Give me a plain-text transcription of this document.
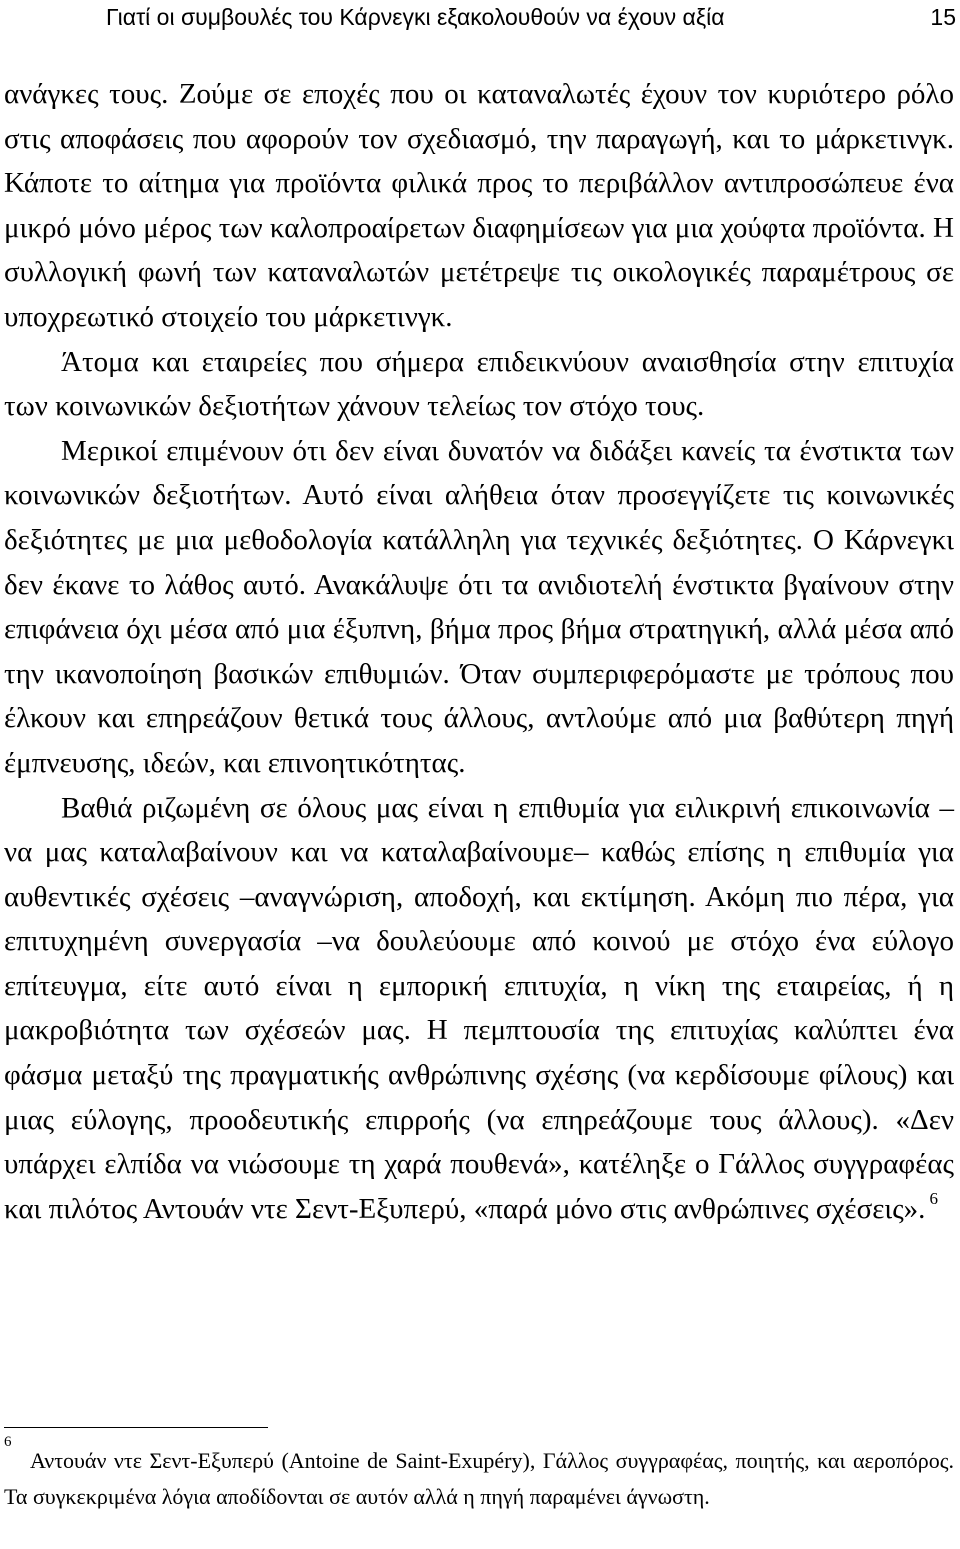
Γιατί οι συμβουλές του Κάρνεγκι εξακολουθούν να έχουν αξία	15

ανάγκες τους. Ζούμε σε εποχές που οι καταναλωτές έχουν τον κυριότερο ρόλο στις αποφάσεις που αφορούν τον σχεδιασμό, την παραγωγή, και το μάρκετινγκ. Κάποτε το αίτημα για προϊόντα φιλικά προς το περιβάλλον αντιπροσώπευε ένα μικρό μόνο μέρος των καλοπροαίρετων διαφημίσεων για μια χούφτα προϊόντα. Η συλλογική φωνή των καταναλωτών μετέτρεψε τις οικολογικές παραμέτρους σε υποχρεωτικό στοιχείο του μάρκετινγκ.

Άτομα και εταιρείες που σήμερα επιδεικνύουν αναισθησία στην επιτυχία των κοινωνικών δεξιοτήτων χάνουν τελείως τον στόχο τους.

Μερικοί επιμένουν ότι δεν είναι δυνατόν να διδάξει κανείς τα ένστικτα των κοινωνικών δεξιοτήτων. Αυτό είναι αλήθεια όταν προσεγγίζετε τις κοινωνικές δεξιότητες με μια μεθοδολογία κατάλληλη για τεχνικές δεξιότητες. Ο Κάρνεγκι δεν έκανε το λάθος αυτό. Ανακάλυψε ότι τα ανιδιοτελή ένστικτα βγαίνουν στην επιφάνεια όχι μέσα από μια έξυπνη, βήμα προς βήμα στρατηγική, αλλά μέσα από την ικανοποίηση βασικών επιθυμιών. Όταν συμπεριφερόμαστε με τρόπους που έλκουν και επηρεάζουν θετικά τους άλλους, αντλούμε από μια βαθύτερη πηγή έμπνευσης, ιδεών, και επινοητικότητας.

Βαθιά ριζωμένη σε όλους μας είναι η επιθυμία για ειλικρινή επικοινωνία –να μας καταλαβαίνουν και να καταλαβαίνουμε– καθώς επίσης η επιθυμία για αυθεντικές σχέσεις –αναγνώριση, αποδοχή, και εκτίμηση. Ακόμη πιο πέρα, για επιτυχημένη συνεργασία –να δουλεύουμε από κοινού με στόχο ένα εύλογο επίτευγμα, είτε αυτό είναι η εμπορική επιτυχία, η νίκη της εταιρείας, ή η μακροβιότητα των σχέσεών μας. Η πεμπτουσία της επιτυχίας καλύπτει ένα φάσμα μεταξύ της πραγματικής ανθρώπινης σχέσης (να κερδίσουμε φίλους) και μιας εύλογης, προοδευτικής επιρροής (να επηρεάζουμε τους άλλους). «Δεν υπάρχει ελπίδα να νιώσουμε τη χαρά πουθενά», κατέληξε ο Γάλλος συγγραφέας και πιλότος Αντουάν ντε Σεντ-Εξυπερύ, «παρά μόνο στις ανθρώπινες σχέσεις». $^6$

6

Αντουάν ντε Σεντ-Εξυπερύ (Antoine de Saint-Exupéry), Γάλλος συγγραφέας, ποιητής, και αεροπόρος. Τα συγκεκριμένα λόγια αποδίδονται σε αυτόν αλλά η πηγή παραμένει άγνωστη.
